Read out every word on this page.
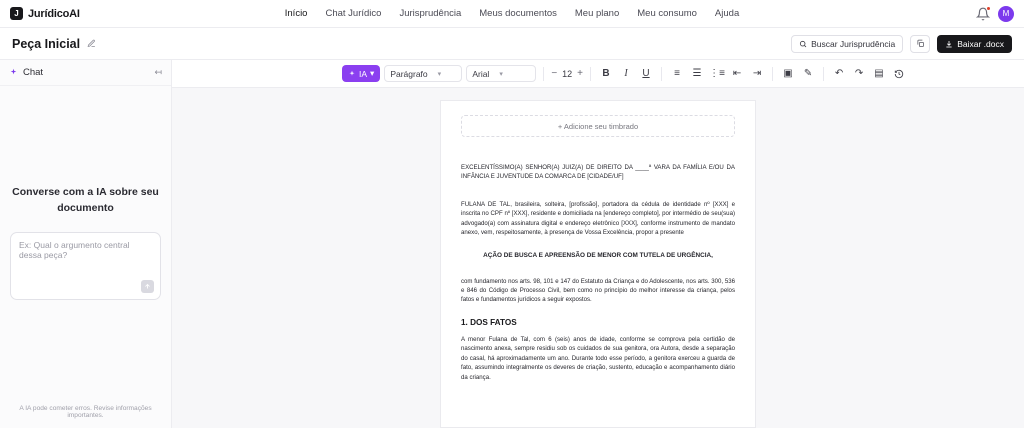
J JurídicoAI	Início Chat Jurídico Jurisprudência Meus documentos Meu plano Meu consumo Ajuda	M
Peça Inicial	Buscar Jurisprudência	Baixar .docx
Chat	↤
Converse com a IA sobre seu documento
Ex: Qual o argumento central dessa peça?
A IA pode cometer erros. Revise informações importantes.
IA ▾ Parágrafo ▾	Arial ▾	− 12 +	B	I	U	≡	☰ ⋮≡ ⇤	⇥	▣	✎	↶	↷	▤
+ Adicione seu timbrado

EXCELENTÍSSIMO(A) SENHOR(A) JUIZ(A) DE DIREITO DA ____ª VARA DA FAMÍLIA E/OU DA INFÂNCIA E JUVENTUDE DA COMARCA DE [CIDADE/UF]

FULANA DE TAL, brasileira, solteira, [profissão], portadora da cédula de identidade nº [XXX] e inscrita no CPF nº [XXX], residente e domiciliada na [endereço completo], por intermédio de seu(sua) advogado(a) com assinatura digital e endereço eletrônico [XXX], conforme instrumento de mandato anexo, vem, respeitosamente, à presença de Vossa Excelência, propor a presente

AÇÃO DE BUSCA E APREENSÃO DE MENOR COM TUTELA DE URGÊNCIA,

com fundamento nos arts. 98, 101 e 147 do Estatuto da Criança e do Adolescente, nos arts. 300, 536 e 846 do Código de Processo Civil, bem como no princípio do melhor interesse da criança, pelos fatos e fundamentos jurídicos a seguir expostos.

1. DOS FATOS

A menor Fulana de Tal, com 6 (seis) anos de idade, conforme se comprova pela certidão de nascimento anexa, sempre residiu sob os cuidados de sua genitora, ora Autora, desde a separação do casal, há aproximadamente um ano. Durante todo esse período, a genitora exerceu a guarda de fato, assumindo integralmente os deveres de criação, sustento, educação e acompanhamento diário da criança.
